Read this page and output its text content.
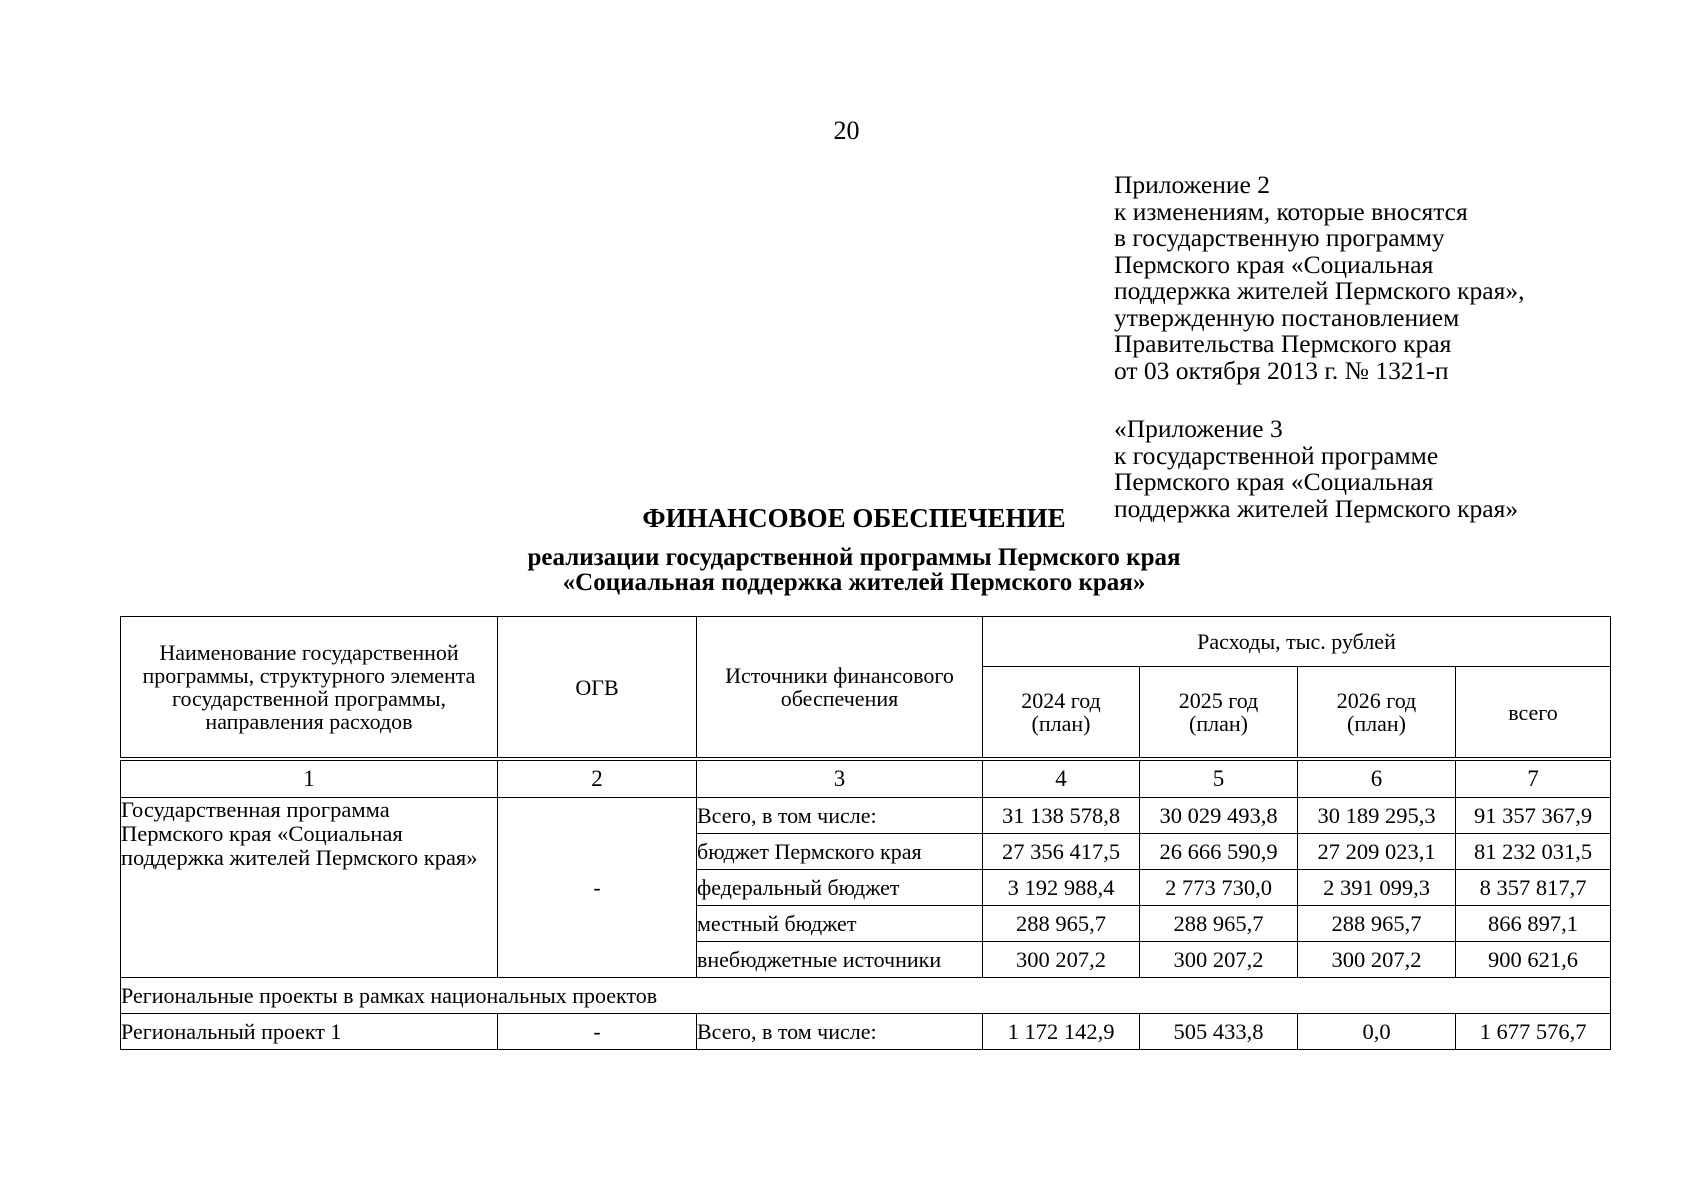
20
Приложение 2
к изменениям, которые вносятся
в государственную программу
Пермского края «Социальная
поддержка жителей Пермского края»,
утвержденную постановлением
Правительства Пермского края
от 03 октября 2013 г. № 1321-п
«Приложение 3
к государственной программе
Пермского края «Социальная
поддержка жителей Пермского края»
ФИНАНСОВОЕ ОБЕСПЕЧЕНИЕ
реализации государственной программы Пермского края
«Социальная поддержка жителей Пермского края»
Наименование государственной программы, структурного элемента государственной программы, направления расходов	ОГВ	Источники финансового обеспечения	Расходы, тыс. рублей			
			2024 год (план)	2025 год (план)	2026 год (план)	всего
1	2	3	4	5	6	7
Государственная программа Пермского края «Социальная поддержка жителей Пермского края»	-	Всего, в том числе:	31 138 578,8	30 029 493,8	30 189 295,3	91 357 367,9
		бюджет Пермского края	27 356 417,5	26 666 590,9	27 209 023,1	81 232 031,5
		федеральный бюджет	3 192 988,4	2 773 730,0	2 391 099,3	8 357 817,7
		местный бюджет	288 965,7	288 965,7	288 965,7	866 897,1
		внебюджетные источники	300 207,2	300 207,2	300 207,2	900 621,6
Региональные проекты в рамках национальных проектов						
Региональный проект 1	-	Всего, в том числе:	1 172 142,9	505 433,8	0,0	1 677 576,7
